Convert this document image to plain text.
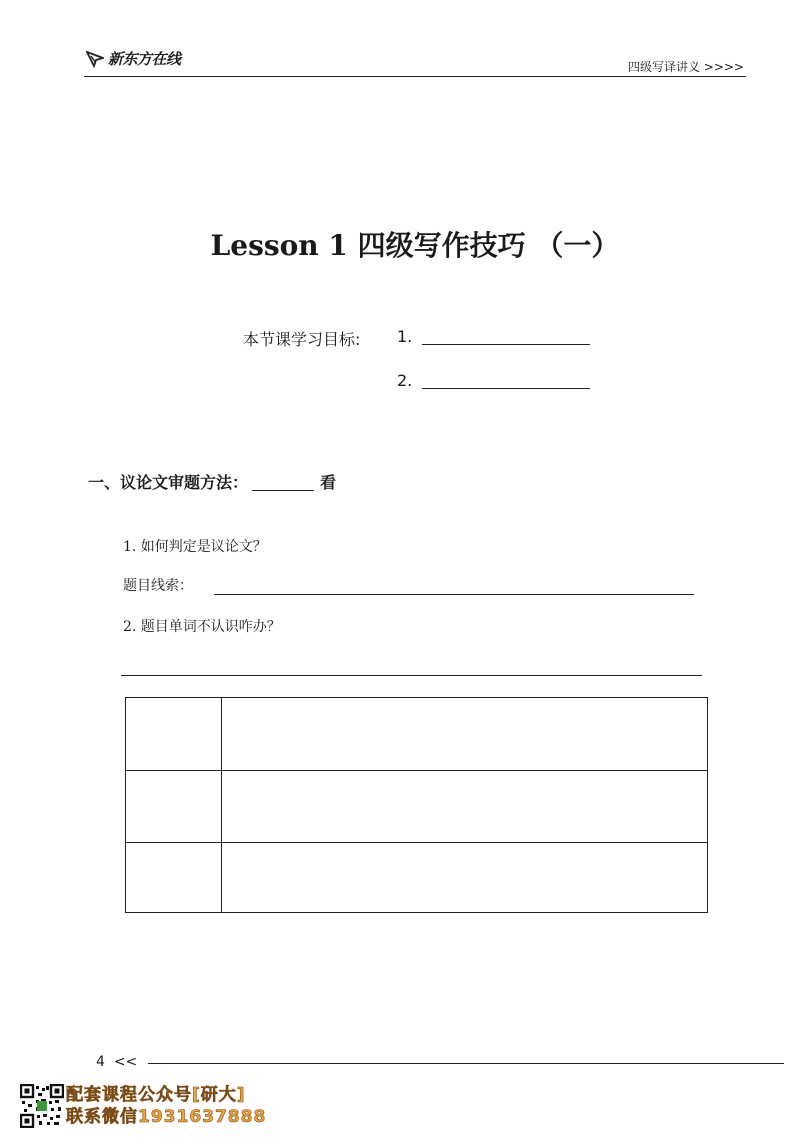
新东方在线	四级写译讲义 >>>>
Lesson 1 四级写作技巧 （一）
本节课学习目标: 1.
2.
一、议论文审题方法：	看
1. 如何判定是议论文？
题目线索：
2. 题目单词不认识咋办？
4 <<
配套课程公众号[研大]
联系微信1931637888
